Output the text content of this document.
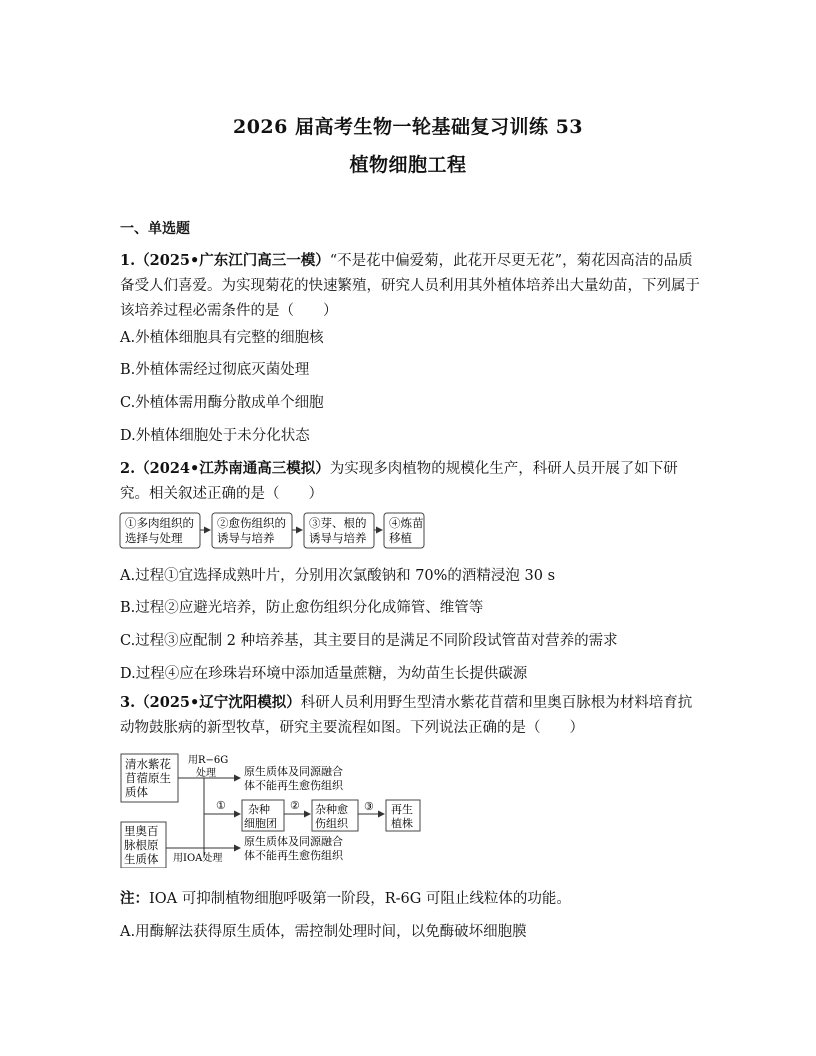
2026 届高考生物一轮基础复习训练 53
植物细胞工程
一、单选题
1.（2025•广东江门高三一模）“不是花中偏爱菊，此花开尽更无花”，菊花因高洁的品质备受人们喜爱。为实现菊花的快速繁殖，研究人员利用其外植体培养出大量幼苗，下列属于该培养过程必需条件的是（　　）
A.外植体细胞具有完整的细胞核
B.外植体需经过彻底灭菌处理
C.外植体需用酶分散成单个细胞
D.外植体细胞处于未分化状态
2.（2024•江苏南通高三模拟）为实现多肉植物的规模化生产，科研人员开展了如下研究。相关叙述正确的是（　　）
①多肉组织的
选择与处理
②愈伤组织的
诱导与培养
③芽、根的
诱导与培养
④炼苗
移植
A.过程①宜选择成熟叶片，分别用次氯酸钠和 70%的酒精浸泡 30 s
B.过程②应避光培养，防止愈伤组织分化成筛管、维管等
C.过程③应配制 2 种培养基，其主要目的是满足不同阶段试管苗对营养的需求
D.过程④应在珍珠岩环境中添加适量蔗糖，为幼苗生长提供碳源
3.（2025•辽宁沈阳模拟）科研人员利用野生型清水紫花苜蓿和里奥百脉根为材料培育抗动物鼓胀病的新型牧草，研究主要流程如图。下列说法正确的是（　　）
清水紫花
苜蓿原生
质体
里奥百
脉根原
生质体
用R−6G
处理	原生质体及同源融合
体不能再生愈伤组织
① 杂种
细胞团
② 杂种愈
伤组织
用IOA处理
原生质体及同源融合
体不能再生愈伤组织
③ 再生
植株
注：IOA 可抑制植物细胞呼吸第一阶段，R-6G 可阻止线粒体的功能。
A.用酶解法获得原生质体，需控制处理时间，以免酶破坏细胞膜
